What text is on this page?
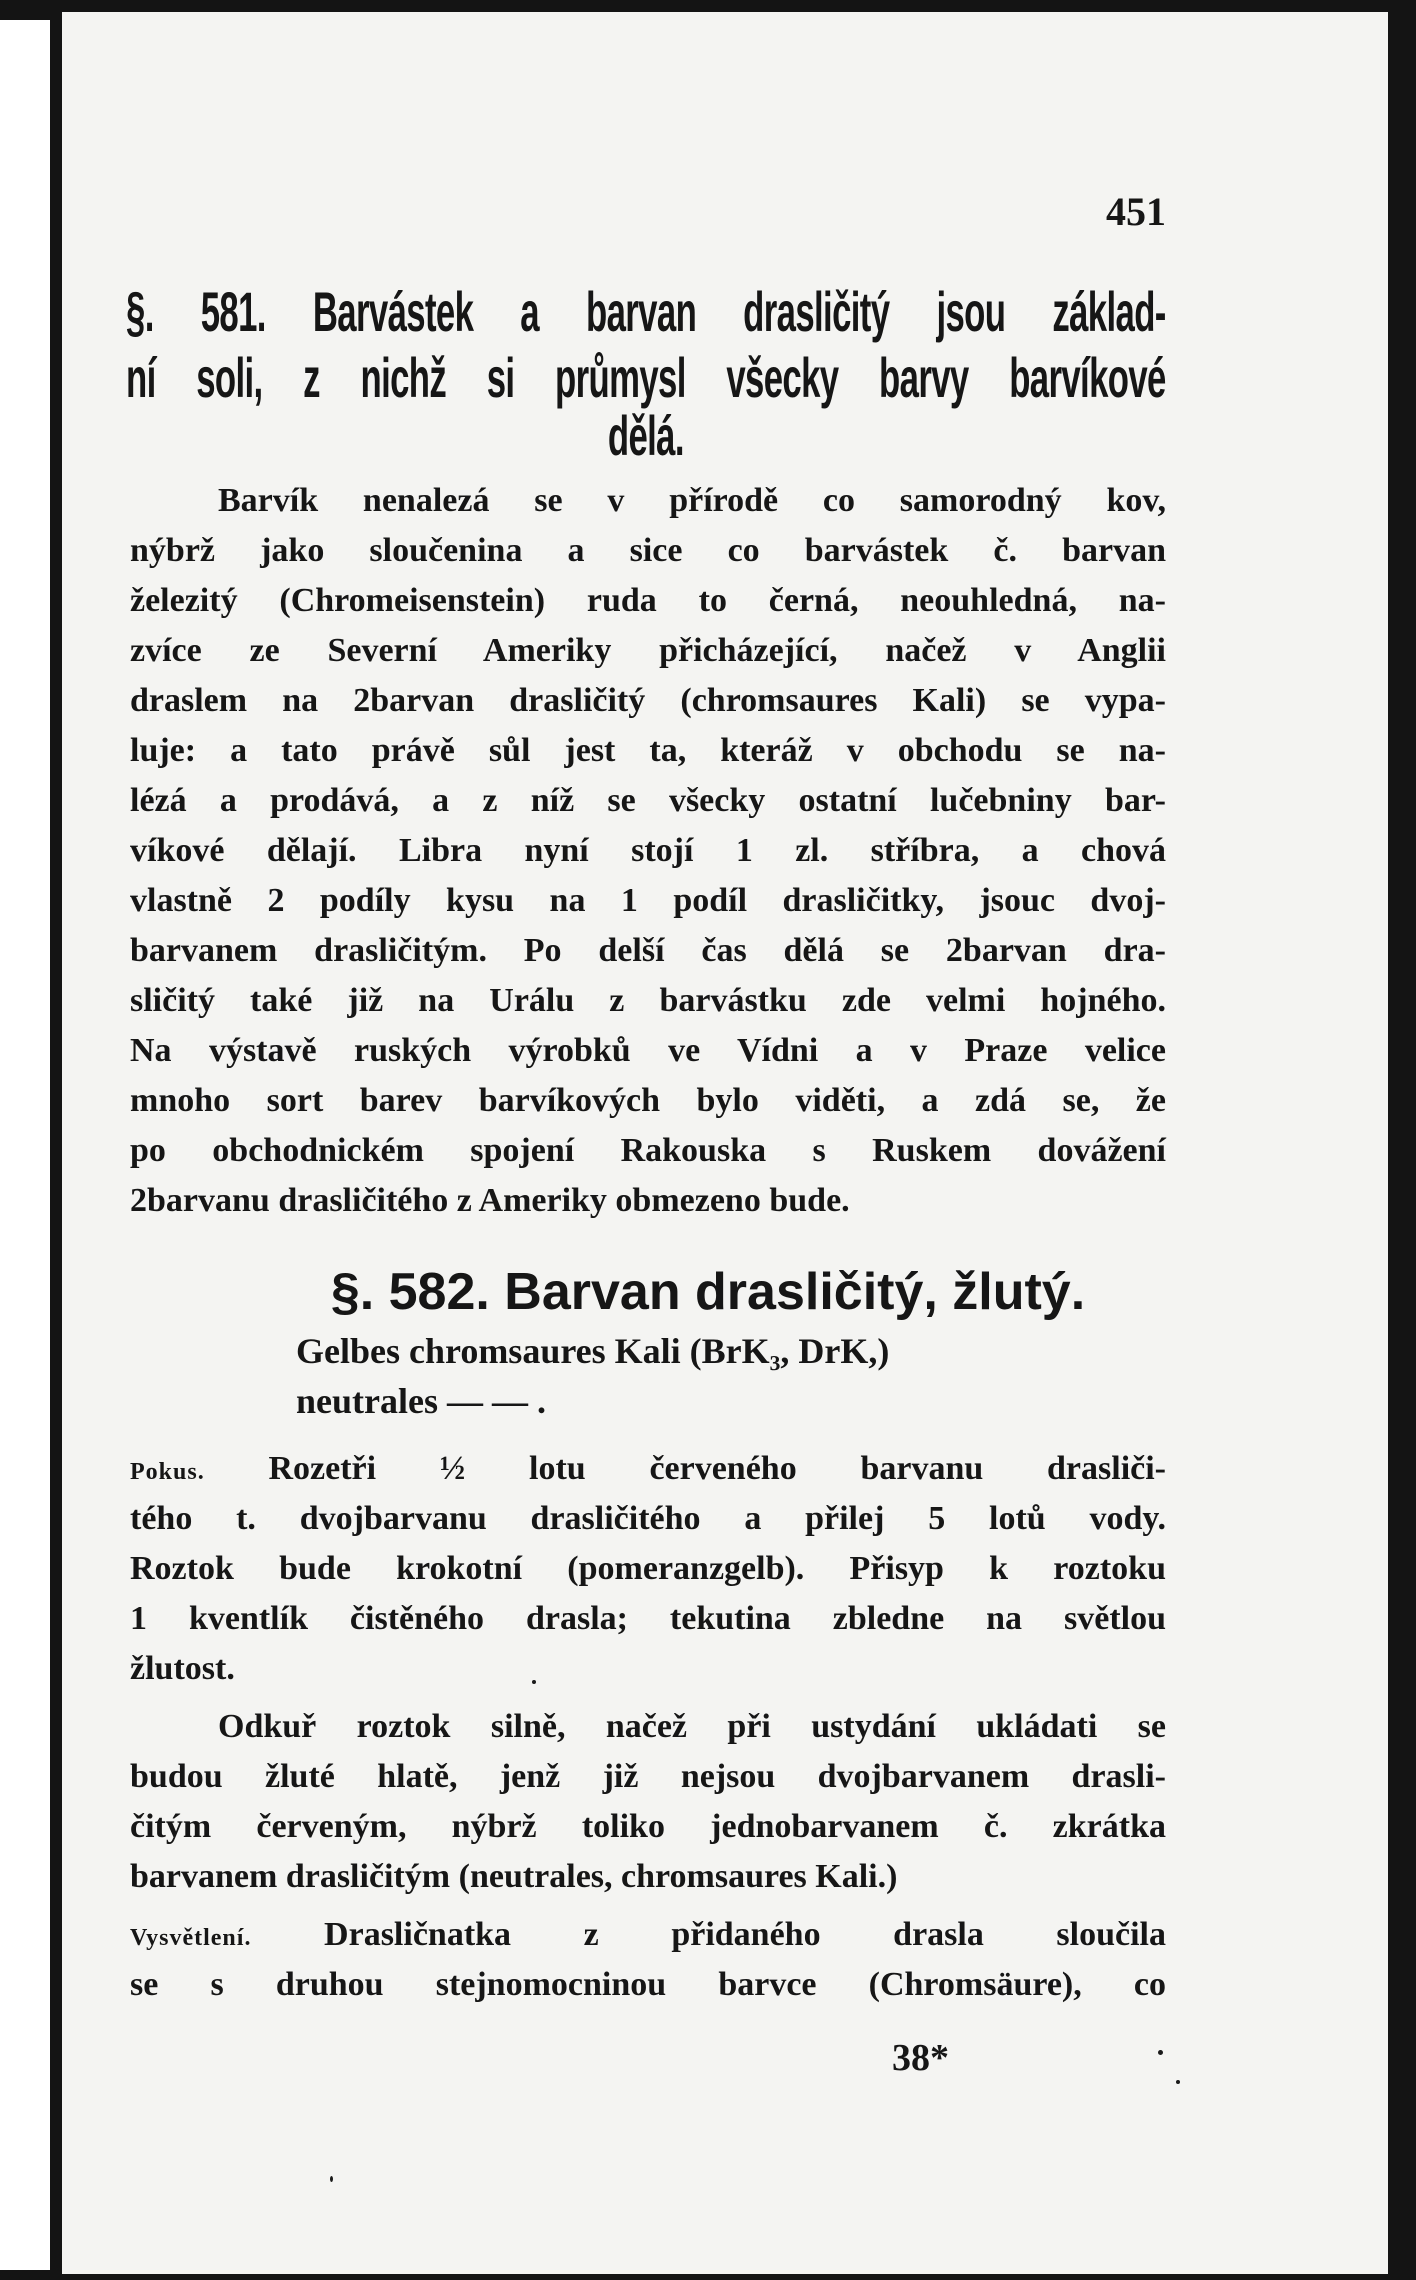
451
§. 581. Barvástek a barvan drasličitý jsou základ-
ní soli, z nichž si průmysl všecky barvy barvíkové
dělá.
Barvík nenalezá se v přírodě co samorodný kov,
nýbrž jako sloučenina a sice co barvástek č. barvan
železitý (Chromeisenstein) ruda to černá, neouhledná, na-
zvíce ze Severní Ameriky přicházející, načež v Anglii
draslem na 2barvan drasličitý (chromsaures Kali) se vypa-
luje: a tato právě sůl jest ta, kteráž v obchodu se na-
lézá a prodává, a z níž se všecky ostatní lučebniny bar-
víkové dělají. Libra nyní stojí 1 zl. stříbra, a chová
vlastně 2 podíly kysu na 1 podíl drasličitky, jsouc dvoj-
barvanem drasličitým. Po delší čas dělá se 2barvan dra-
sličitý také již na Urálu z barvástku zde velmi hojného.
Na výstavě ruských výrobků ve Vídni a v Praze velice
mnoho sort barev barvíkových bylo viděti, a zdá se, že
po obchodnickém spojení Rakouska s Ruskem dovážení
2barvanu drasličitého z Ameriky obmezeno bude.
§. 582. Barvan drasličitý, žlutý.
Gelbes chromsaures Kali (BrK₃, DrK,)
neutrales — — .
Pokus. Rozetři ½ lotu červeného barvanu drasliči-
tého t. dvojbarvanu drasličitého a přilej 5 lotů vody.
Roztok bude krokotní (pomeranzgelb). Přisyp k roztoku
1 kventlík čistěného drasla; tekutina zbledne na světlou
žlutost.
Odkuř roztok silně, načež při ustydání ukládati se
budou žluté hlatě, jenž již nejsou dvojbarvanem drasli-
čitým červeným, nýbrž toliko jednobarvanem č. zkrátka
barvanem drasličitým (neutrales, chromsaures Kali.)
Vysvětlení. Drasličnatka z přidaného drasla sloučila
se s druhou stejnomocninou barvce (Chromsäure), co
38*
